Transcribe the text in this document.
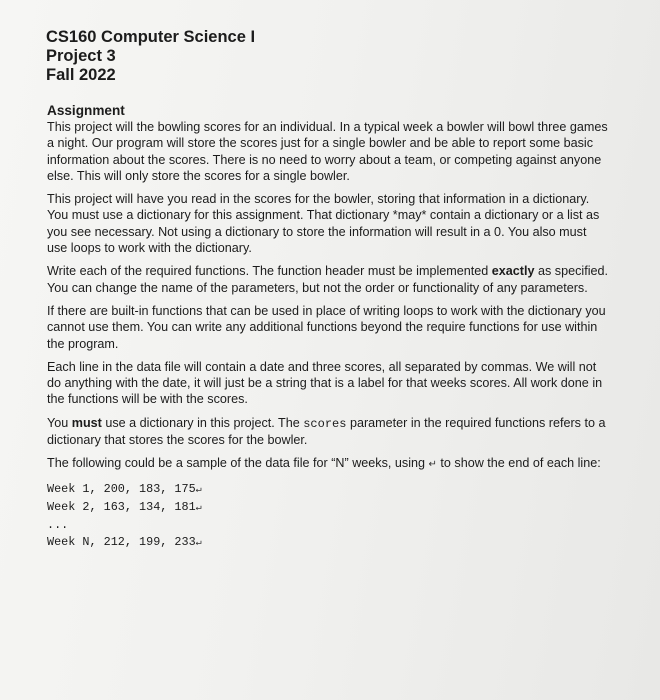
CS160 Computer Science I
Project 3
Fall 2022
Assignment

This project will the bowling scores for an individual. In a typical week a bowler will bowl three games a night. Our program will store the scores just for a single bowler and be able to report some basic information about the scores. There is no need to worry about a team, or competing against anyone else. This will only store the scores for a single bowler.

This project will have you read in the scores for the bowler, storing that information in a dictionary. You must use a dictionary for this assignment. That dictionary *may* contain a dictionary or a list as you see necessary. Not using a dictionary to store the information will result in a 0. You also must use loops to work with the dictionary.

Write each of the required functions. The function header must be implemented exactly as specified. You can change the name of the parameters, but not the order or functionality of any parameters.

If there are built-in functions that can be used in place of writing loops to work with the dictionary you cannot use them. You can write any additional functions beyond the require functions for use within the program.

Each line in the data file will contain a date and three scores, all separated by commas. We will not do anything with the date, it will just be a string that is a label for that weeks scores. All work done in the functions will be with the scores.

You must use a dictionary in this project. The scores parameter in the required functions refers to a dictionary that stores the scores for the bowler.

The following could be a sample of the data file for “N” weeks, using ↵ to show the end of each line:

Week 1, 200, 183, 175↵
Week 2, 163, 134, 181↵
...
Week N, 212, 199, 233↵
